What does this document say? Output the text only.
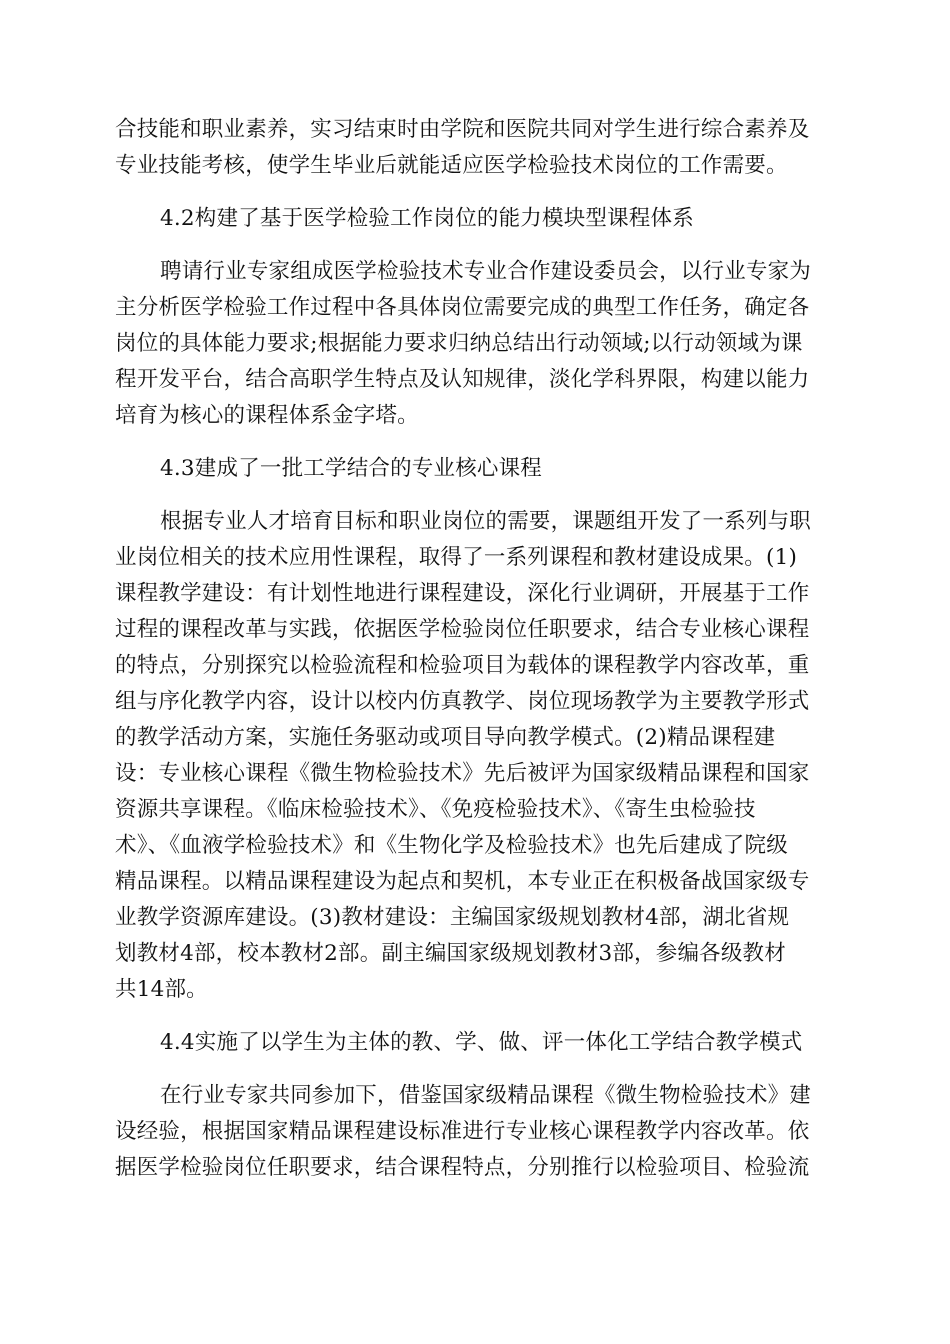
合技能和职业素养，实习结束时由学院和医院共同对学生进行综合素养及
专业技能考核，使学生毕业后就能适应医学检验技术岗位的工作需要。
4.2构建了基于医学检验工作岗位的能力模块型课程体系
聘请行业专家组成医学检验技术专业合作建设委员会，以行业专家为
主分析医学检验工作过程中各具体岗位需要完成的典型工作任务，确定各
岗位的具体能力要求;根据能力要求归纳总结出行动领域;以行动领域为课
程开发平台，结合高职学生特点及认知规律，淡化学科界限，构建以能力
培育为核心的课程体系金字塔。
4.3建成了一批工学结合的专业核心课程
根据专业人才培育目标和职业岗位的需要，课题组开发了一系列与职
业岗位相关的技术应用性课程，取得了一系列课程和教材建设成果。(1)
课程教学建设：有计划性地进行课程建设，深化行业调研，开展基于工作
过程的课程改革与实践，依据医学检验岗位任职要求，结合专业核心课程
的特点，分别探究以检验流程和检验项目为载体的课程教学内容改革，重
组与序化教学内容，设计以校内仿真教学、岗位现场教学为主要教学形式
的教学活动方案，实施任务驱动或项目导向教学模式。(2)精品课程建
设：专业核心课程《微生物检验技术》先后被评为国家级精品课程和国家
资源共享课程。《临床检验技术》、《免疫检验技术》、《寄生虫检验技
术》、《血液学检验技术》和《生物化学及检验技术》也先后建成了院级
精品课程。以精品课程建设为起点和契机，本专业正在积极备战国家级专
业教学资源库建设。(3)教材建设：主编国家级规划教材4部，湖北省规
划教材4部，校本教材2部。副主编国家级规划教材3部，参编各级教材
共14部。
4.4实施了以学生为主体的教、学、做、评一体化工学结合教学模式
在行业专家共同参加下，借鉴国家级精品课程《微生物检验技术》建
设经验，根据国家精品课程建设标准进行专业核心课程教学内容改革。依
据医学检验岗位任职要求，结合课程特点，分别推行以检验项目、检验流
